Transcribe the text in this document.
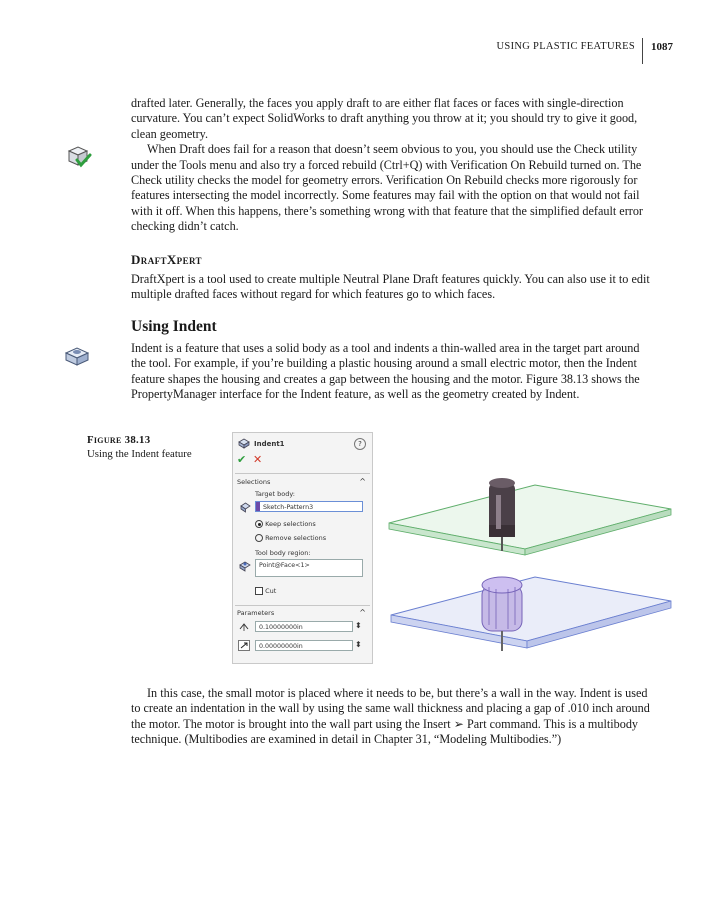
USING PLASTIC FEATURES	1087

drafted later. Generally, the faces you apply draft to are either flat faces or faces with single-direction curvature. You can’t expect SolidWorks to draft anything you throw at it; you should try to give it good, clean geometry.

When Draft does fail for a reason that doesn’t seem obvious to you, you should use the Check utility under the Tools menu and also try a forced rebuild (Ctrl+Q) with Verification On Rebuild turned on. The Check utility checks the model for geometry errors. Verification On Rebuild checks more rigorously for features intersecting the model incorrectly. Some features may fail with the option on that would not fail with it off. When this happens, there’s something wrong with that feature that the simplified default error checking didn’t catch.

DraftXpert

DraftXpert is a tool used to create multiple Neutral Plane Draft features quickly. You can also use it to edit multiple drafted faces without regard for which features go to which faces.

Using Indent

Indent is a feature that uses a solid body as a tool and indents a thin-walled area in the target part around the tool. For example, if you’re building a plastic housing around a small electric motor, then the Indent feature shapes the housing and creates a gap between the housing and the motor. Figure 38.13 shows the PropertyManager interface for the Indent feature, as well as the geometry created by Indent.

Figure 38.13
Using the Indent feature
Indent1	?
✔ ✕
Selections	^
Target body:
Sketch-Pattern3
Keep selections
Remove selections
Tool body region:
Point@Face<1>
Cut
Parameters	^
0.10000000in	⬍
0.00000000in	⬍

In this case, the small motor is placed where it needs to be, but there’s a wall in the way. Indent is used to create an indentation in the wall by using the same wall thickness and placing a gap of .010 inch around the motor. The motor is brought into the wall part using the Insert ➢ Part command. This is a multibody technique. (Multibodies are examined in detail in Chapter 31, “Modeling Multibodies.”)
